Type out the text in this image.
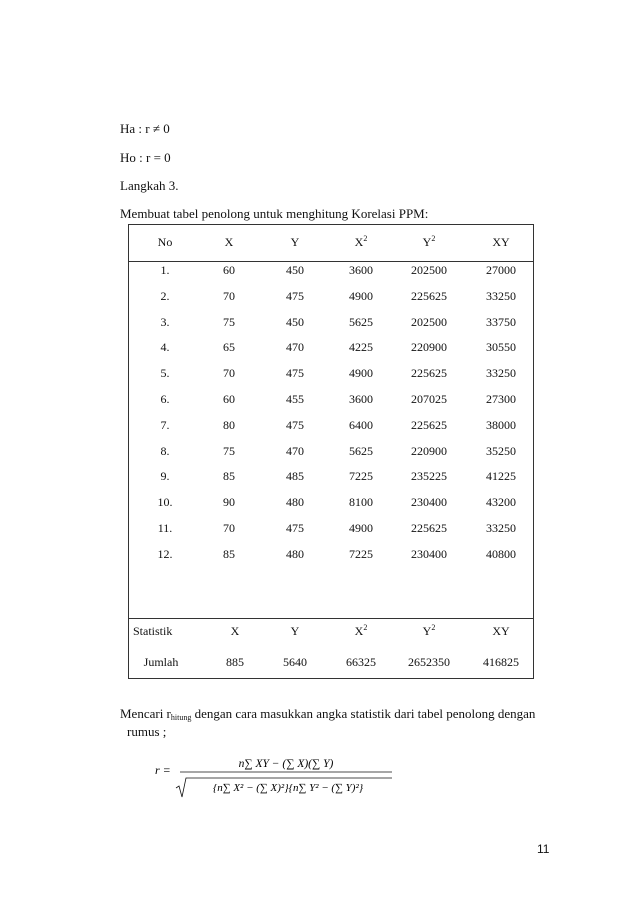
Ha : r ≠ 0
Ho : r = 0
Langkah 3.
Membuat tabel penolong untuk menghitung Korelasi PPM:
No	X	Y	$X^2$	$Y^2$	XY
1.	60	450	3600	202500	27000
2.	70	475	4900	225625	33250
3.	75	450	5625	202500	33750
4.	65	470	4225	220900	30550
5.	70	475	4900	225625	33250
6.	60	455	3600	207025	27300
7.	80	475	6400	225625	38000
8.	75	470	5625	220900	35250
9.	85	485	7225	235225	41225
10.	90	480	8100	230400	43200
11.	70	475	4900	225625	33250
12.	85	480	7225	230400	40800
Statistik	X	Y	$X^2$	$Y^2$	XY
Jumlah	885	5640	66325	2652350	416825
Mencari $r_{hitung}$ dengan cara masukkan angka statistik dari tabel penolong dengan
rumus ;
r =	n∑ XY − (∑ X)(∑ Y)
{n∑ X² − (∑ X)²}{n∑ Y² − (∑ Y)²}
11
